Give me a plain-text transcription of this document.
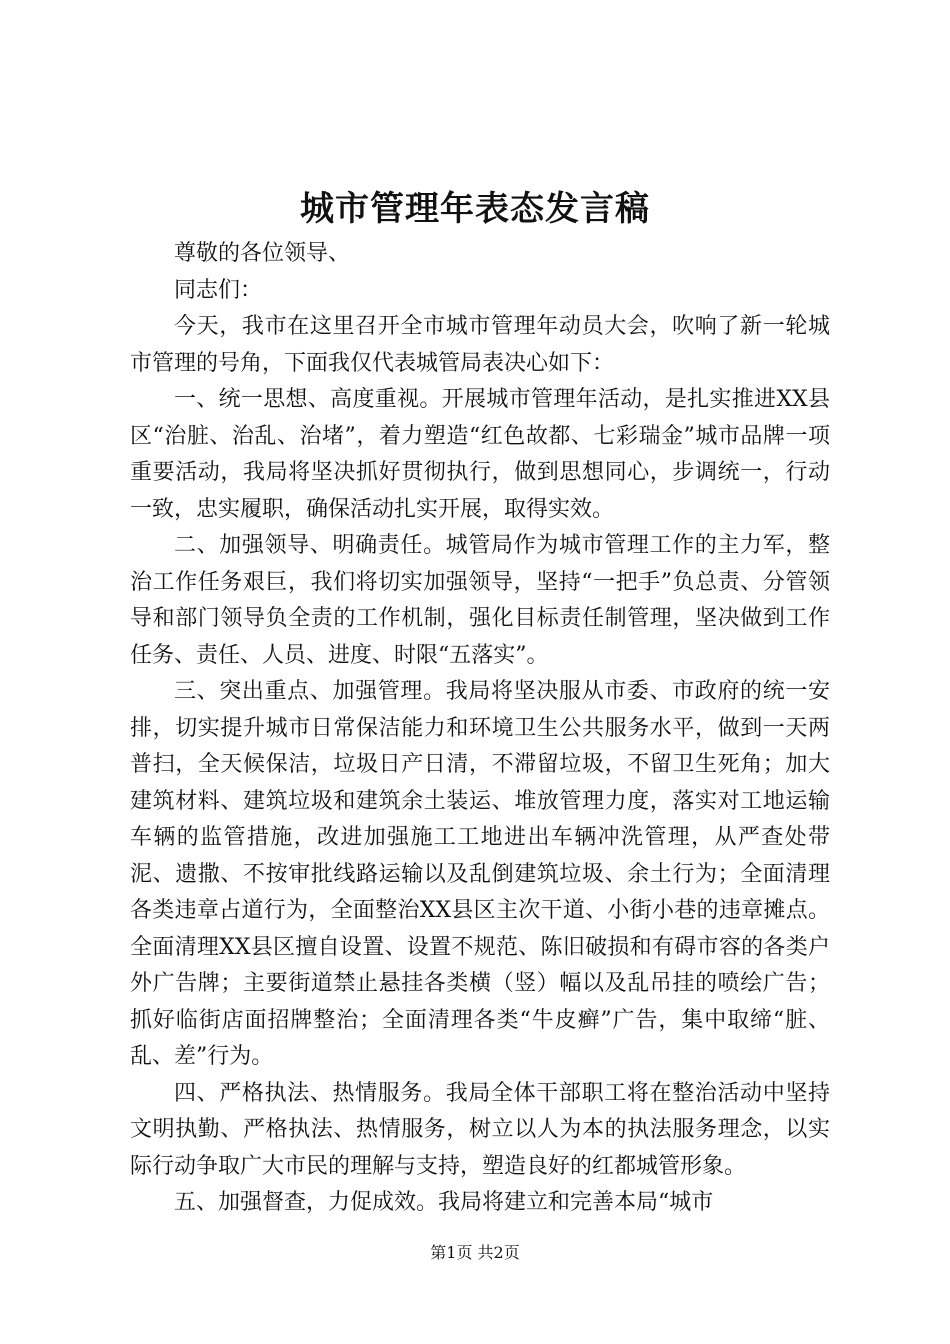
城市管理年表态发言稿

尊敬的各位领导、

同志们：

今天，我市在这里召开全市城市管理年动员大会，吹响了新一轮城市管理的号角，下面我仅代表城管局表决心如下：

一、统一思想、高度重视。开展城市管理年活动，是扎实推进XX县区“治脏、治乱、治堵”，着力塑造“红色故都、七彩瑞金”城市品牌一项重要活动，我局将坚决抓好贯彻执行，做到思想同心，步调统一，行动一致，忠实履职，确保活动扎实开展，取得实效。

二、加强领导、明确责任。城管局作为城市管理工作的主力军，整治工作任务艰巨，我们将切实加强领导，坚持“一把手”负总责、分管领导和部门领导负全责的工作机制，强化目标责任制管理，坚决做到工作任务、责任、人员、进度、时限“五落实”。

三、突出重点、加强管理。我局将坚决服从市委、市政府的统一安排，切实提升城市日常保洁能力和环境卫生公共服务水平，做到一天两普扫，全天候保洁，垃圾日产日清，不滞留垃圾，不留卫生死角；加大建筑材料、建筑垃圾和建筑余土装运、堆放管理力度，落实对工地运输车辆的监管措施，改进加强施工工地进出车辆冲洗管理，从严查处带泥、遗撒、不按审批线路运输以及乱倒建筑垃圾、余土行为；全面清理各类违章占道行为，全面整治XX县区主次干道、小街小巷的违章摊点。全面清理XX县区擅自设置、设置不规范、陈旧破损和有碍市容的各类户外广告牌；主要街道禁止悬挂各类横（竖）幅以及乱吊挂的喷绘广告；抓好临街店面招牌整治；全面清理各类“牛皮癣”广告，集中取缔“脏、乱、差”行为。

四、严格执法、热情服务。我局全体干部职工将在整治活动中坚持文明执勤、严格执法、热情服务，树立以人为本的执法服务理念，以实际行动争取广大市民的理解与支持，塑造良好的红都城管形象。

五、加强督查，力促成效。我局将建立和完善本局“城市

第1页 共2页
